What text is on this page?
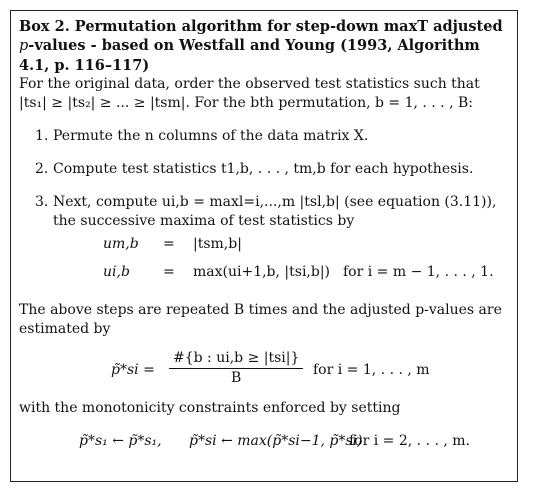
Box 2. Permutation algorithm for step-down maxT adjusted
p-values - based on Westfall and Young (1993, Algorithm 4.1, p. 116–117)

For the original data, order the observed test statistics such that |ts₁| ≥ |ts₂| ≥ ... ≥ |tsm|. For the bth permutation, b = 1, . . . , B:

1. Permute the n columns of the data matrix X.
2. Compute test statistics t1,b, . . . , tm,b for each hypothesis.
3. Next, compute ui,b = maxl=i,...,m |tsl,b| (see equation (3.11)), the successive maxima of test statistics by
um,b = |tsm,b|
ui,b = max(ui+1,b, |tsi,b|) for i = m − 1, . . . , 1.

The above steps are repeated B times and the adjusted p-values are estimated by

p̃*si =
#{b : ui,b ≥ |tsi|}
B	for i = 1, . . . , m

with the monotonicity constraints enforced by setting

p̃*s₁ ← p̃*s₁, p̃*si ← max(p̃*si−1, p̃*si)
for i = 2, . . . , m.
